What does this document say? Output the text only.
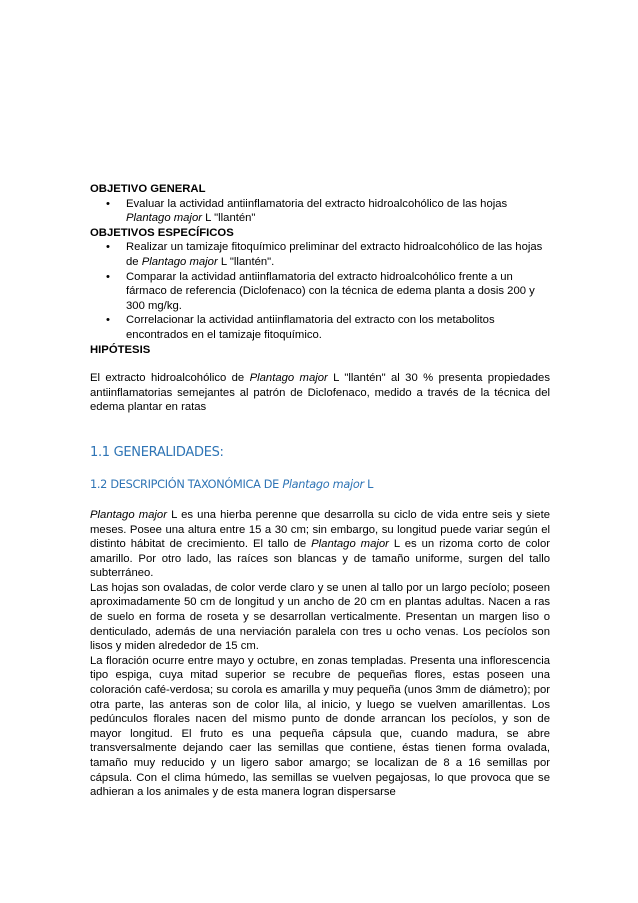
OBJETIVO GENERAL

• Evaluar la actividad antiinflamatoria del extracto hidroalcohólico de las hojas Plantago major L "llantén"

OBJETIVOS ESPECÍFICOS

• Realizar un tamizaje fitoquímico preliminar del extracto hidroalcohólico de las hojas de Plantago major L "llantén".
• Comparar la actividad antiinflamatoria del extracto hidroalcohólico frente a un fármaco de referencia (Diclofenaco) con la técnica de edema planta a dosis 200 y 300 mg/kg.
• Correlacionar la actividad antiinflamatoria del extracto con los metabolitos encontrados en el tamizaje fitoquímico.

HIPÓTESIS

El extracto hidroalcohólico de Plantago major L "llantén" al 30 % presenta propiedades antiinflamatorias semejantes al patrón de Diclofenaco, medido a través de la técnica del edema plantar en ratas

1.1 GENERALIDADES:

1.2 DESCRIPCIÓN TAXONÓMICA DE Plantago major L

Plantago major L es una hierba perenne que desarrolla su ciclo de vida entre seis y siete meses. Posee una altura entre 15 a 30 cm; sin embargo, su longitud puede variar según el distinto hábitat de crecimiento. El tallo de Plantago major L es un rizoma corto de color amarillo. Por otro lado, las raíces son blancas y de tamaño uniforme, surgen del tallo subterráneo.

Las hojas son ovaladas, de color verde claro y se unen al tallo por un largo pecíolo; poseen aproximadamente 50 cm de longitud y un ancho de 20 cm en plantas adultas. Nacen a ras de suelo en forma de roseta y se desarrollan verticalmente. Presentan un margen liso o denticulado, además de una nerviación paralela con tres u ocho venas. Los pecíolos son lisos y miden alrededor de 15 cm.

La floración ocurre entre mayo y octubre, en zonas templadas. Presenta una inflorescencia tipo espiga, cuya mitad superior se recubre de pequeñas flores, estas poseen una coloración café-verdosa; su corola es amarilla y muy pequeña (unos 3mm de diámetro); por otra parte, las anteras son de color lila, al inicio, y luego se vuelven amarillentas. Los pedúnculos florales nacen del mismo punto de donde arrancan los pecíolos, y son de mayor longitud. El fruto es una pequeña cápsula que, cuando madura, se abre transversalmente dejando caer las semillas que contiene, éstas tienen forma ovalada, tamaño muy reducido y un ligero sabor amargo; se localizan de 8 a 16 semillas por cápsula. Con el clima húmedo, las semillas se vuelven pegajosas, lo que provoca que se adhieran a los animales y de esta manera logran dispersarse
